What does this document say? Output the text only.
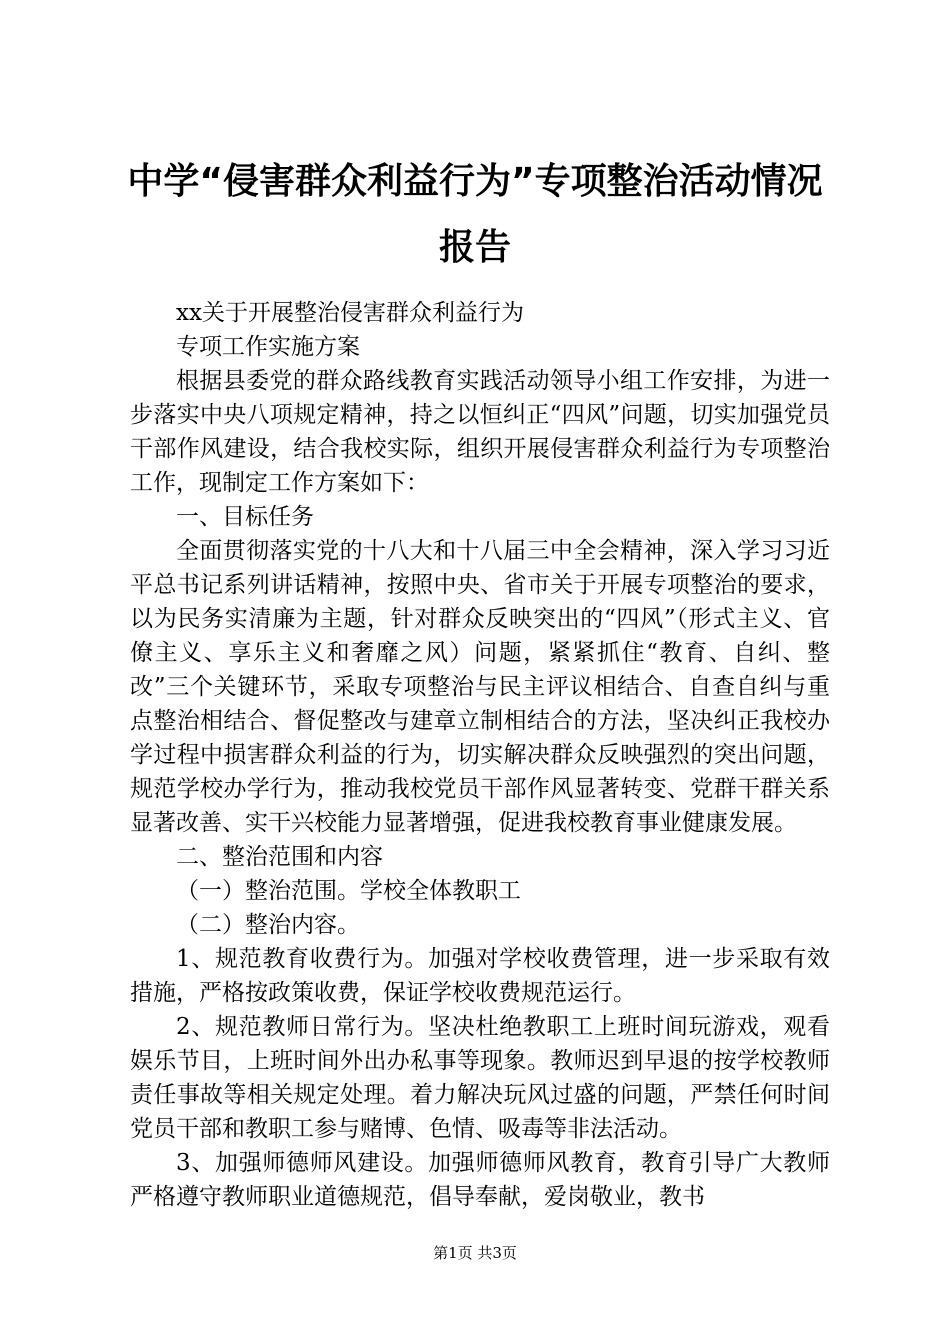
中学“侵害群众利益行为”专项整治活动情况
报告

xx关于开展整治侵害群众利益行为

专项工作实施方案

根据县委党的群众路线教育实践活动领导小组工作安排，为进一步落实中央八项规定精神，持之以恒纠正“四风”问题，切实加强党员干部作风建设，结合我校实际，组织开展侵害群众利益行为专项整治工作，现制定工作方案如下：

一、目标任务

全面贯彻落实党的十八大和十八届三中全会精神，深入学习习近平总书记系列讲话精神，按照中央、省市关于开展专项整治的要求，以为民务实清廉为主题，针对群众反映突出的“四风”（形式主义、官僚主义、享乐主义和奢靡之风）问题，紧紧抓住“教育、自纠、整改”三个关键环节，采取专项整治与民主评议相结合、自查自纠与重点整治相结合、督促整改与建章立制相结合的方法，坚决纠正我校办学过程中损害群众利益的行为，切实解决群众反映强烈的突出问题，规范学校办学行为，推动我校党员干部作风显著转变、党群干群关系显著改善、实干兴校能力显著增强，促进我校教育事业健康发展。

二、整治范围和内容

（一）整治范围。学校全体教职工

（二）整治内容。

1、规范教育收费行为。加强对学校收费管理，进一步采取有效措施，严格按政策收费，保证学校收费规范运行。

2、规范教师日常行为。坚决杜绝教职工上班时间玩游戏，观看娱乐节目，上班时间外出办私事等现象。教师迟到早退的按学校教师责任事故等相关规定处理。着力解决玩风过盛的问题，严禁任何时间党员干部和教职工参与赌博、色情、吸毒等非法活动。

3、加强师德师风建设。加强师德师风教育，教育引导广大教师严格遵守教师职业道德规范，倡导奉献，爱岗敬业，教书

第1页 共3页
